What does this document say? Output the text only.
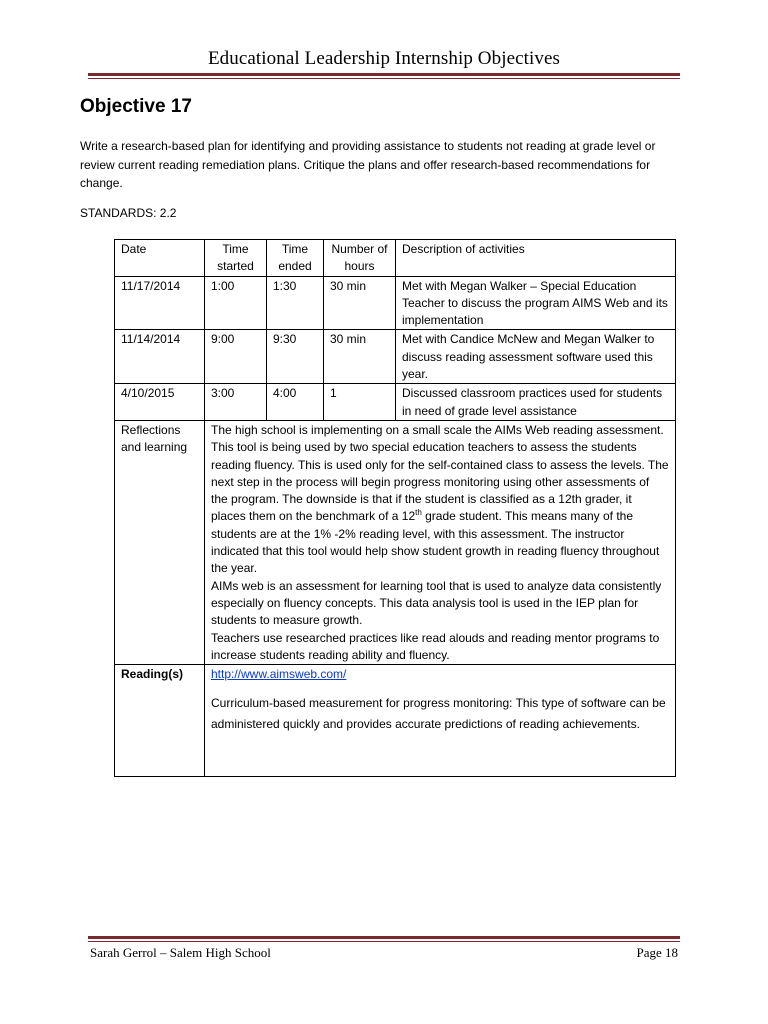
Educational Leadership Internship Objectives
Objective 17
Write a research-based plan for identifying and providing assistance to students not reading at grade level or review current reading remediation plans. Critique the plans and offer research-based recommendations for change.
STANDARDS: 2.2
Date	Time started	Time ended	Number of hours	Description of activities
11/17/2014	1:00	1:30	30 min	Met with Megan Walker – Special Education Teacher to discuss the program AIMS Web and its implementation
11/14/2014	9:00	9:30	30 min	Met with Candice McNew and Megan Walker to discuss reading assessment software used this year.
4/10/2015	3:00	4:00	1	Discussed classroom practices used for students in need of grade level assistance
Reflections and learning	The high school is implementing on a small scale the AIMs Web reading assessment. This tool is being used by two special education teachers to assess the students reading fluency. This is used only for the self-contained class to assess the levels. The next step in the process will begin progress monitoring using other assessments of the program. The downside is that if the student is classified as a 12th grader, it places them on the benchmark of a 12th grade student. This means many of the students are at the 1% -2% reading level, with this assessment. The instructor indicated that this tool would help show student growth in reading fluency throughout the year.
AIMs web is an assessment for learning tool that is used to analyze data consistently especially on fluency concepts. This data analysis tool is used in the IEP plan for students to measure growth.
Teachers use researched practices like read alouds and reading mentor programs to increase students reading ability and fluency.			

Reading(s)	http://www.aimsweb.com/
Curriculum-based measurement for progress monitoring: This type of software can be administered quickly and provides accurate predictions of reading achievements.			
Sarah Gerrol – Salem High School	Page 18
